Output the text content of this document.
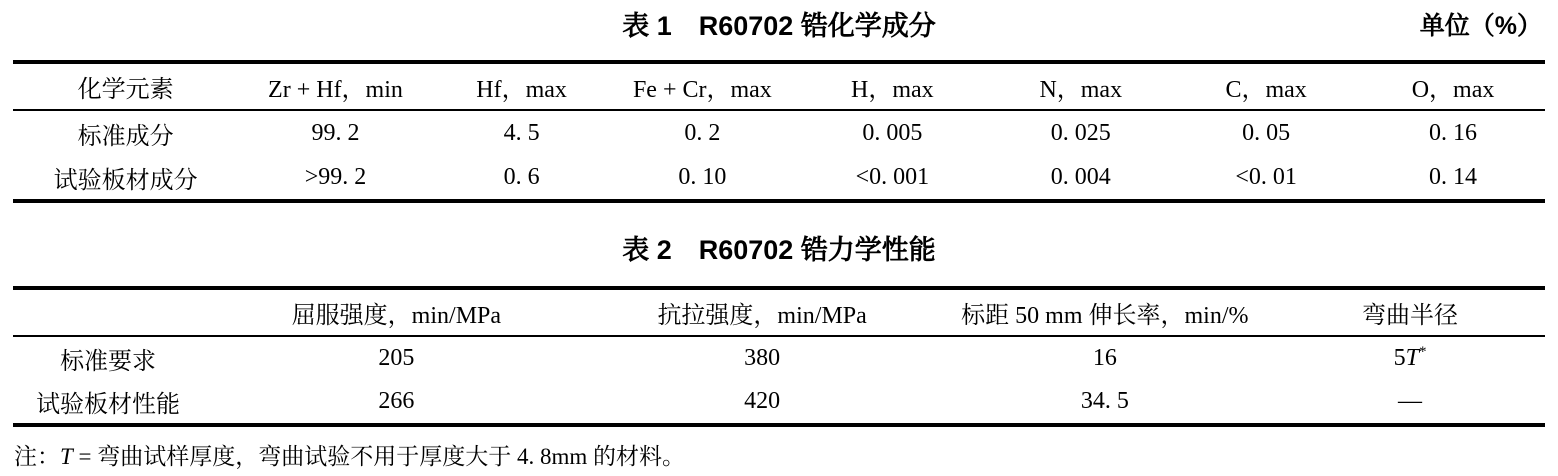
表 1　R60702 锆化学成分	单位（%）
化学元素	Zr + Hf，min	Hf，max	Fe + Cr，max	H，max	N，max	C，max	O，max
标准成分	99. 2	4. 5	0. 2	0. 005	0. 025	0. 05	0. 16
试验板材成分	>99. 2	0. 6	0. 10	<0. 001	0. 004	<0. 01	0. 14
表 2　R60702 锆力学性能
	屈服强度，min/MPa	抗拉强度，min/MPa	标距 50 mm 伸长率，min/%	弯曲半径
标准要求	205	380	16	5T*
试验板材性能	266	420	34. 5	—
注：T = 弯曲试样厚度，弯曲试验不用于厚度大于 4. 8mm 的材料。
